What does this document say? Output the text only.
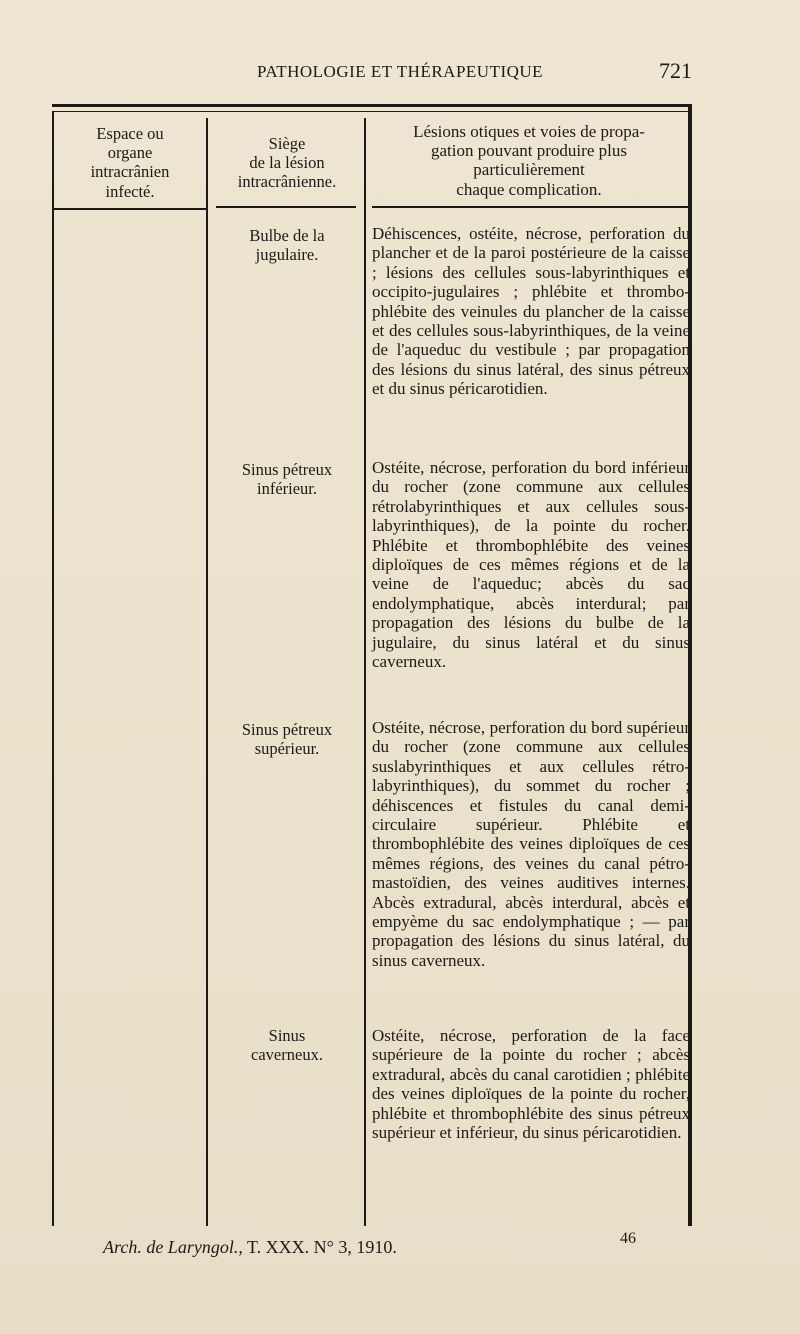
PATHOLOGIE ET THÉRAPEUTIQUE	721
Espace ou
organe
intracrânien
infecté.
Siège
de la lésion
intracrânienne.
Lésions otiques et voies de propa-
gation pouvant produire plus
particulièrement
chaque complication.
Bulbe de la
jugulaire.
Déhiscences, ostéite, nécrose, perforation du plancher et de la paroi postérieure de la caisse ; lésions des cellules sous-labyrinthiques et occipito-jugulaires ; phlébite et thrombo-phlébite des veinules du plancher de la caisse et des cellules sous-labyrinthiques, de la veine de l'aqueduc du vestibule ; par propagation des lésions du sinus latéral, des sinus pétreux et du sinus péricarotidien.
Sinus pétreux
inférieur.
Ostéite, nécrose, perforation du bord inférieur du rocher (zone commune aux cellules rétrolabyrinthiques et aux cellules sous-labyrinthiques), de la pointe du rocher. Phlébite et thrombophlébite des veines diploïques de ces mêmes régions et de la veine de l'aqueduc; abcès du sac endolymphatique, abcès interdural; par propagation des lésions du bulbe de la jugulaire, du sinus latéral et du sinus caverneux.
Sinus pétreux
supérieur.
Ostéite, nécrose, perforation du bord supérieur du rocher (zone commune aux cellules suslabyrinthiques et aux cellules rétro-labyrinthiques), du sommet du rocher ; déhiscences et fistules du canal demi-circulaire supérieur. Phlébite et thrombophlébite des veines diploïques de ces mêmes régions, des veines du canal pétro-mastoïdien, des veines auditives internes. Abcès extradural, abcès interdural, abcès et empyème du sac endolymphatique ; — par propagation des lésions du sinus latéral, du sinus caverneux.
Sinus
caverneux.
Ostéite, nécrose, perforation de la face supérieure de la pointe du rocher ; abcès extradural, abcès du canal carotidien ; phlébite des veines diploïques de la pointe du rocher, phlébite et thrombophlébite des sinus pétreux supérieur et inférieur, du sinus péricarotidien.
Arch. de Laryngol., T. XXX. N° 3, 1910.	46
